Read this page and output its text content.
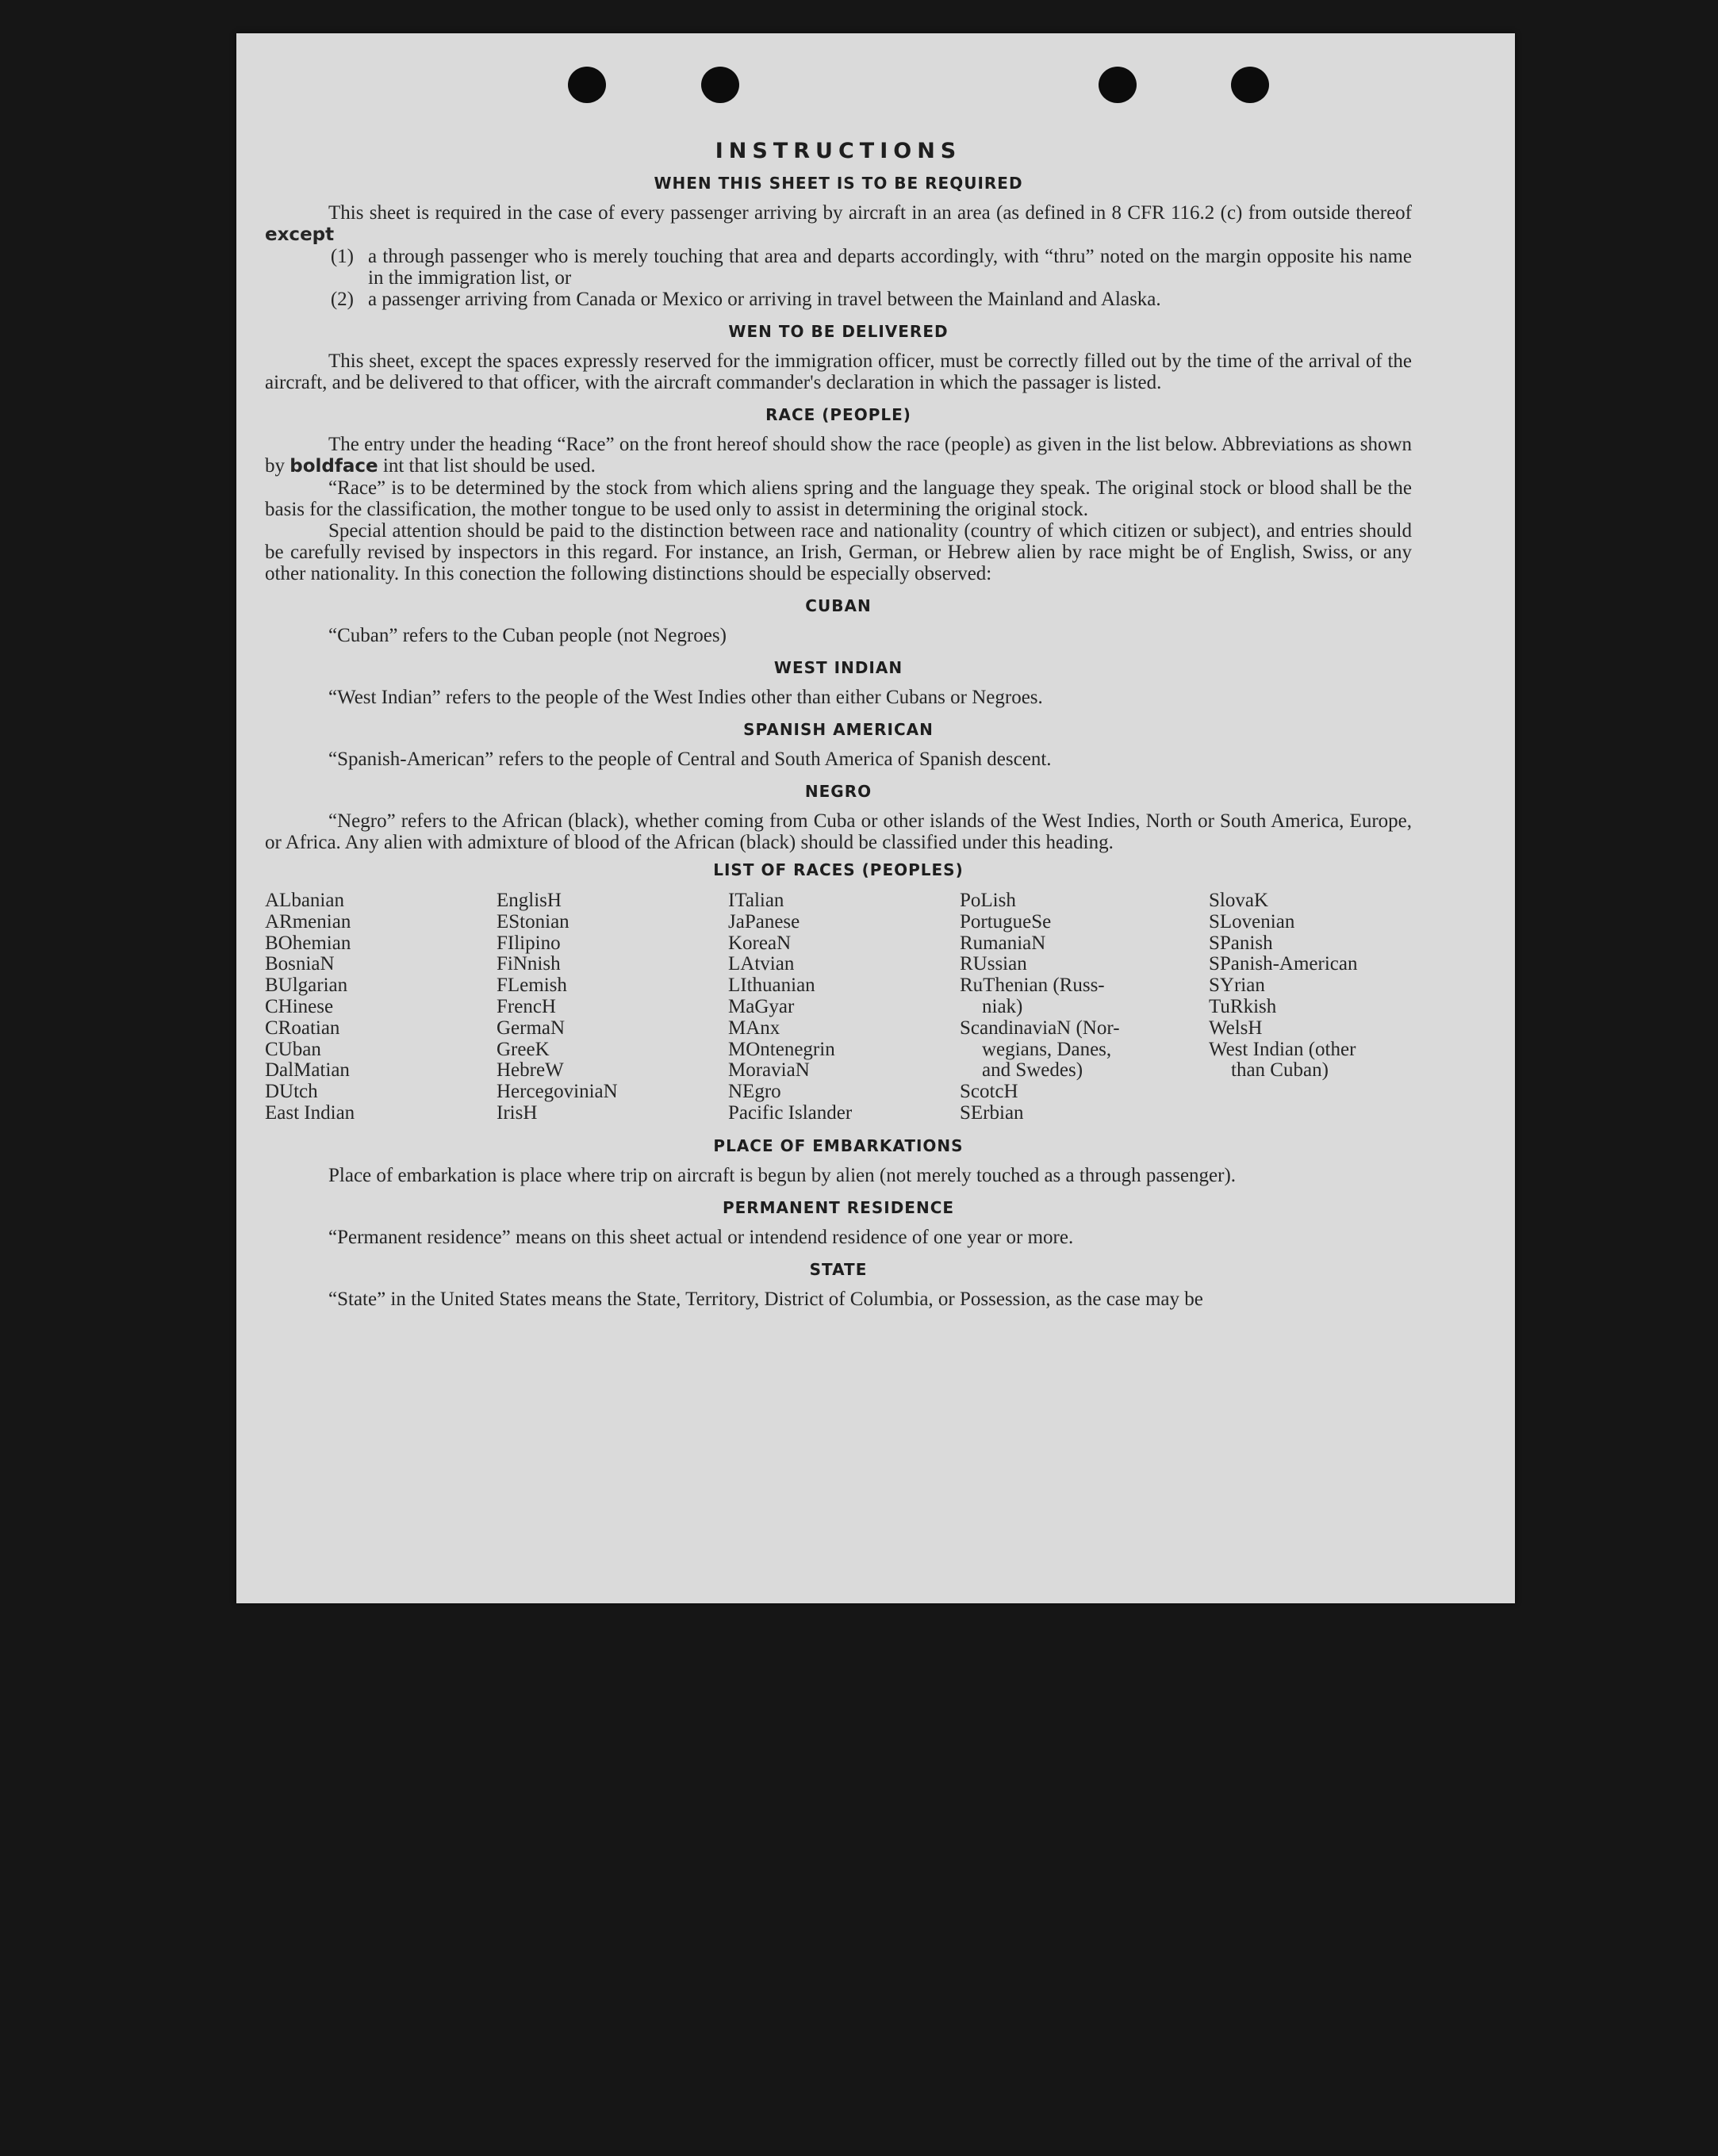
INSTRUCTIONS
WHEN THIS SHEET IS TO BE REQUIRED

This sheet is required in the case of every passenger arriving by aircraft in an area (as defined in 8 CFR 116.2 (c) from outside thereof except

(1) a through passenger who is merely touching that area and departs accordingly, with “thru” noted on the margin opposite his name in the immigration list, or
(2) a passenger arriving from Canada or Mexico or arriving in travel between the Mainland and Alaska.
WEN TO BE DELIVERED

This sheet, except the spaces expressly reserved for the immigration officer, must be correctly filled out by the time of the arrival of the aircraft, and be delivered to that officer, with the aircraft commander's declaration in which the passager is listed.

RACE (PEOPLE)

The entry under the heading “Race” on the front hereof should show the race (people) as given in the list below. Abbreviations as shown by boldface int that list should be used.

“Race” is to be determined by the stock from which aliens spring and the language they speak. The original stock or blood shall be the basis for the classification, the mother tongue to be used only to assist in determining the original stock.

Special attention should be paid to the distinction between race and nationality (country of which citizen or subject), and entries should be carefully revised by inspectors in this regard. For instance, an Irish, German, or Hebrew alien by race might be of English, Swiss, or any other nationality. In this conection the following distinctions should be especially observed:

CUBAN

“Cuban” refers to the Cuban people (not Negroes)

WEST INDIAN

“West Indian” refers to the people of the West Indies other than either Cubans or Negroes.

SPANISH AMERICAN

“Spanish-American” refers to the people of Central and South America of Spanish descent.

NEGRO

“Negro” refers to the African (black), whether coming from Cuba or other islands of the West Indies, North or South America, Europe, or Africa. Any alien with admixture of blood of the African (black) should be classified under this heading.

LIST OF RACES (PEOPLES)

ALbanian

ARmenian

BOhemian

BosniaN

BUlgarian

CHinese

CRoatian

CUban

DalMatian

DUtch

East Indian

EnglisH

EStonian

FIlipino

FiNnish

FLemish

FrencH

GermaN

GreeK

HebreW

HercegoviniaN

IrisH

ITalian

JaPanese

KoreaN

LAtvian

LIthuanian

MaGyar

MAnx

MOntenegrin

MoraviaN

NEgro

Pacific Islander

PoLish

PortugueSe

RumaniaN

RUssian

RuThenian (Russ-

niak)

ScandinaviaN (Nor-

wegians, Danes,

and Swedes)

ScotcH

SErbian

SlovaK

SLovenian

SPanish

SPanish-American

SYrian

TuRkish

WelsH

West Indian (other

than Cuban)

PLACE OF EMBARKATIONS

Place of embarkation is place where trip on aircraft is begun by alien (not merely touched as a through passenger).

PERMANENT RESIDENCE

“Permanent residence” means on this sheet actual or intendend residence of one year or more.

STATE

“State” in the United States means the State, Territory, District of Columbia, or Possession, as the case may be
